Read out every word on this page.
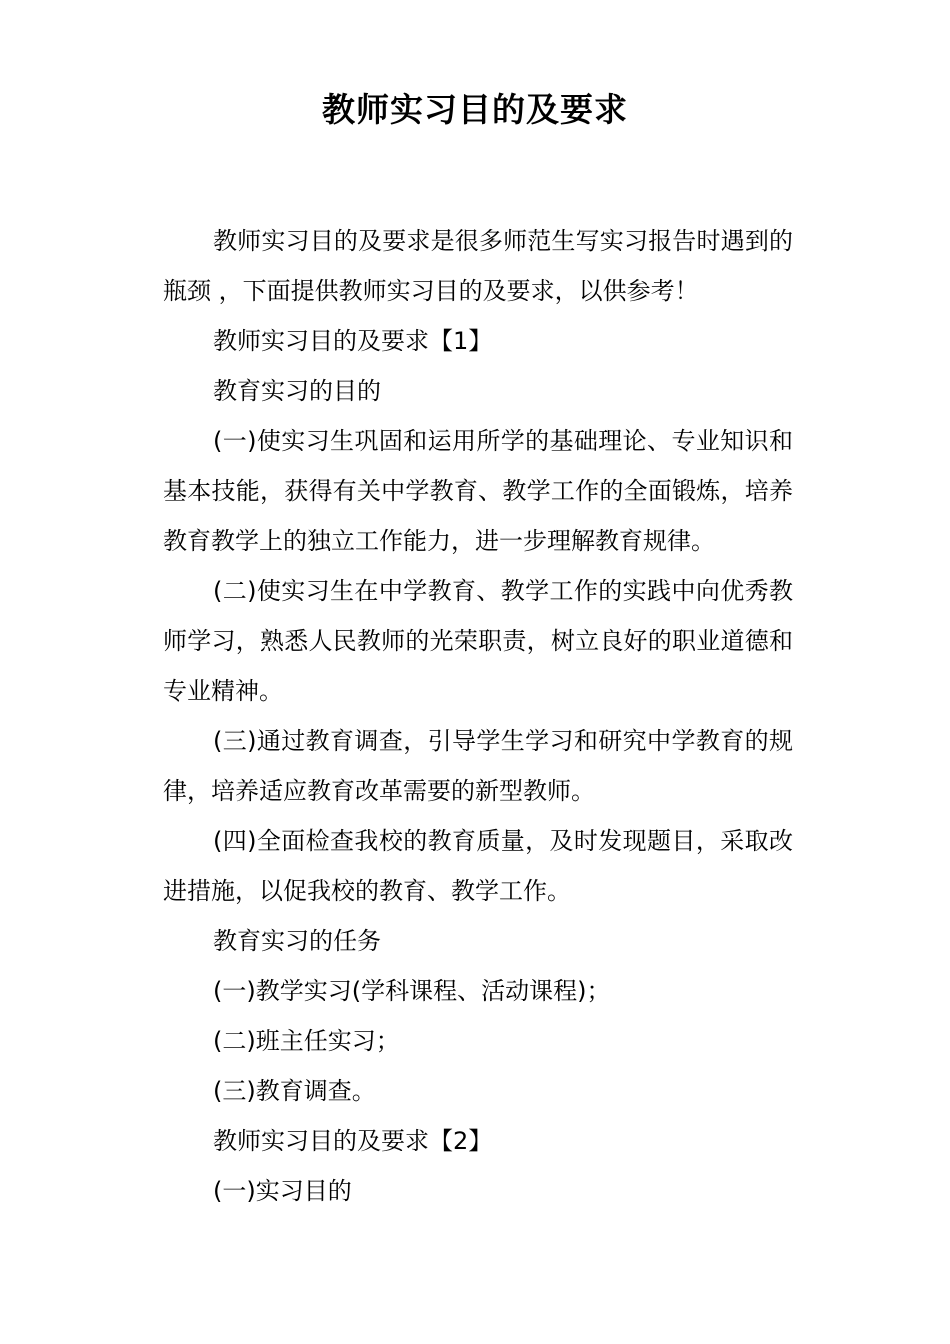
教师实习目的及要求

教师实习目的及要求是很多师范生写实习报告时遇到的瓶颈 ，下面提供教师实习目的及要求，以供参考！

教师实习目的及要求【1】

教育实习的目的

(一)使实习生巩固和运用所学的基础理论、专业知识和基本技能，获得有关中学教育、教学工作的全面锻炼，培养教育教学上的独立工作能力，进一步理解教育规律。

(二)使实习生在中学教育、教学工作的实践中向优秀教师学习，熟悉人民教师的光荣职责，树立良好的职业道德和专业精神。

(三)通过教育调查，引导学生学习和研究中学教育的规律，培养适应教育改革需要的新型教师。

(四)全面检查我校的教育质量，及时发现题目，采取改进措施，以促我校的教育、教学工作。

教育实习的任务

(一)教学实习(学科课程、活动课程)；

(二)班主任实习；

(三)教育调查。

教师实习目的及要求【2】

(一)实习目的
